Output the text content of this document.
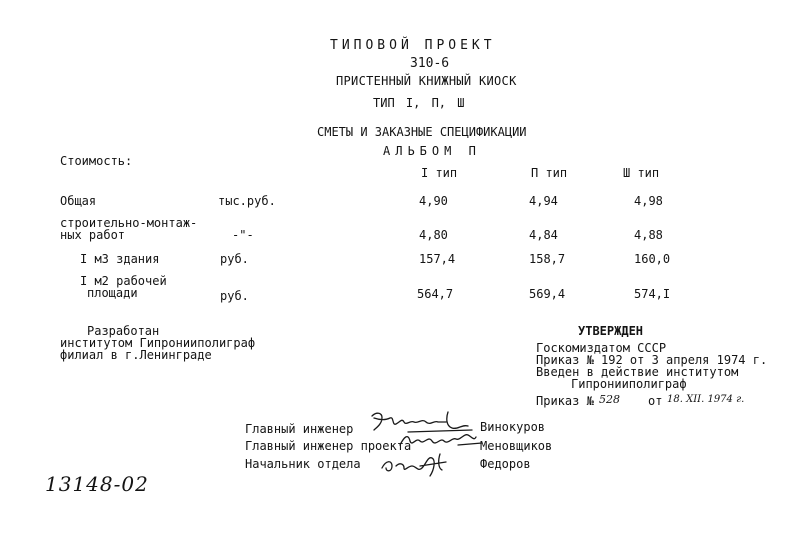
ТИПОВОЙ ПРОЕКТ
310-6
ПРИСТЕННЫЙ КНИЖНЫЙ КИОСК
ТИП I, П, Ш
СМЕТЫ И ЗАКАЗНЫЕ СПЕЦИФИКАЦИИ
АЛЬБОМ П
Стоимость:
I тип	П тип	Ш тип
Общая	тыс.руб.	4,90	4,94	4,98
строительно-монтаж-
ных работ	-"-	4,80	4,84	4,88
I м3 здания	руб.	157,4	158,7	160,0
I м2 рабочей
площади	руб.	564,7	569,4	574,I
Разработан
институтом Гипронииполиграф
филиал в г.Ленинграде
УТВЕРЖДЕН
Госкомиздатом СССР
Приказ № 192 от 3 апреля 1974 г.
Введен в действие институтом
Гипронииполиграф
Приказ № 528 от 18. XII. 1974 г.
Главный инженер	Винокуров
Главный инженер проекта	Меновщиков
Начальник отдела	Федоров
13148-02
